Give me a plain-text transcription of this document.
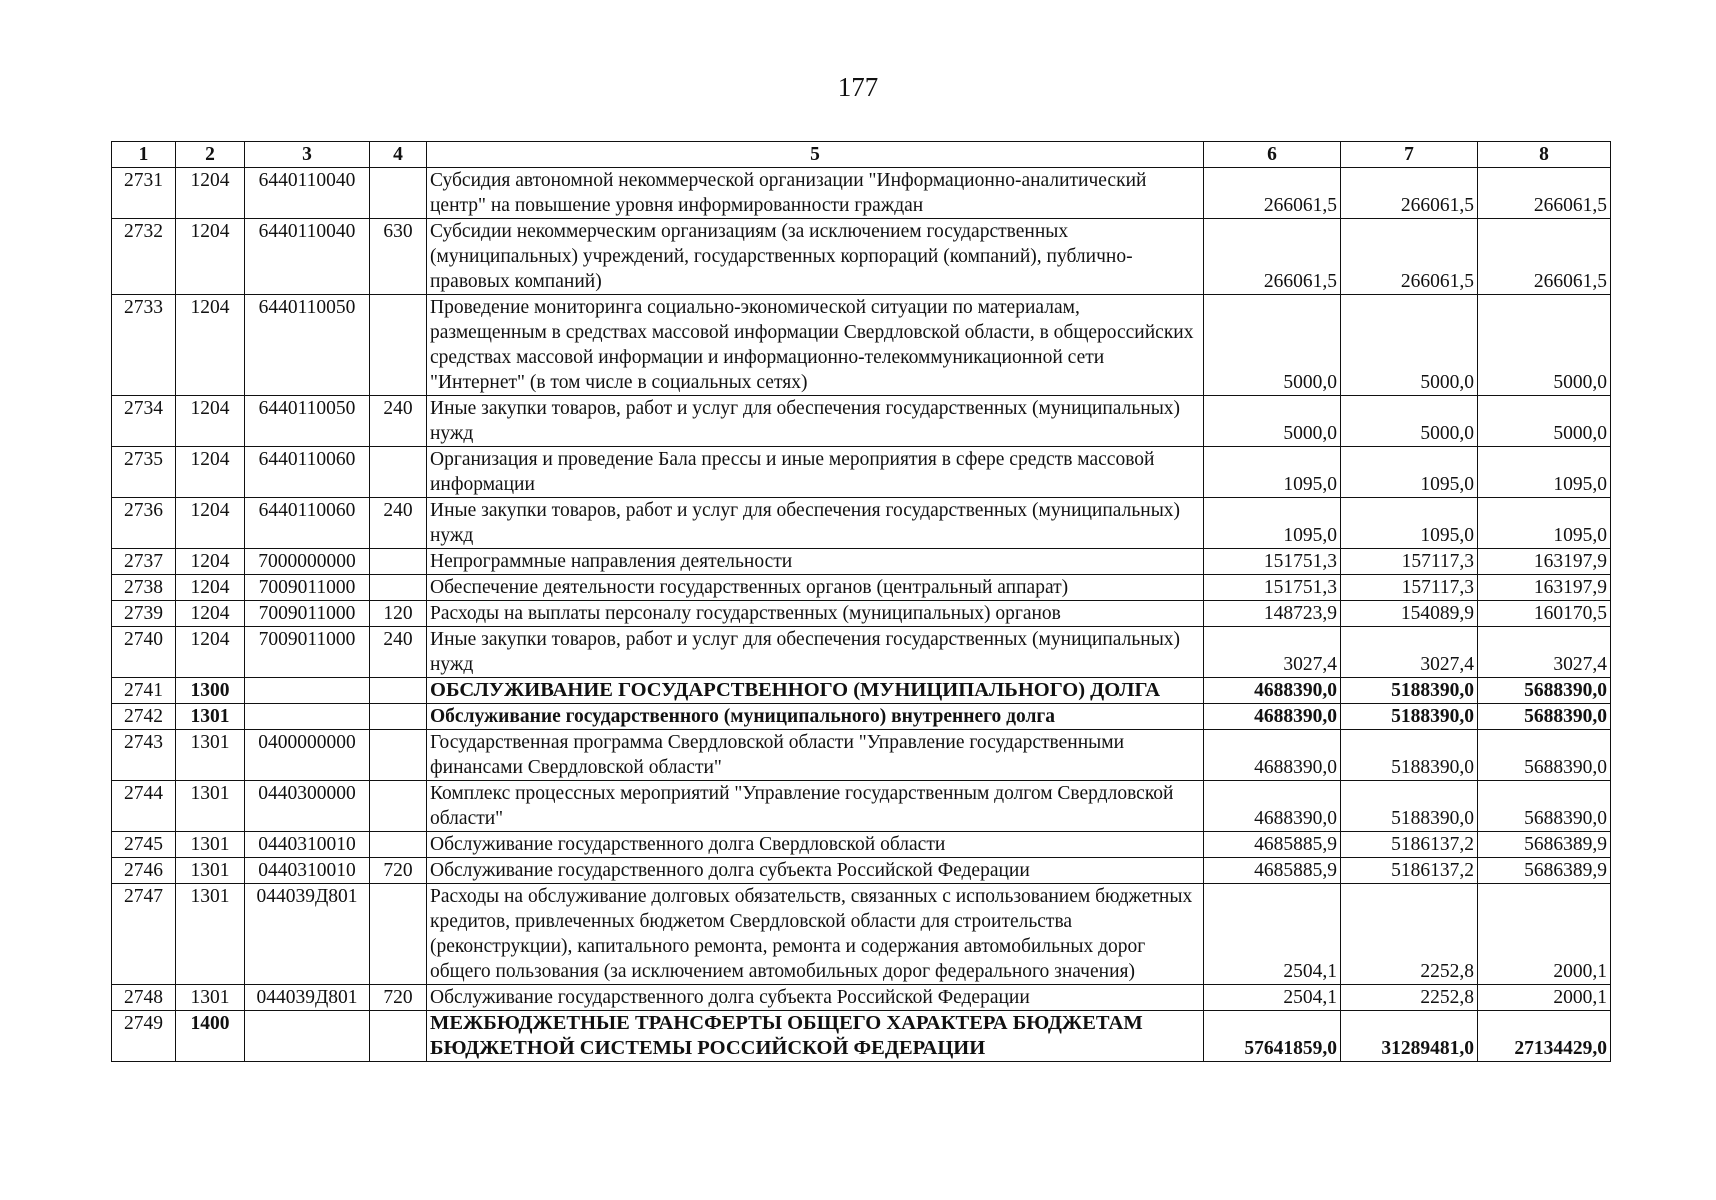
177
1	2	3	4	5	6	7	8
2731	1204	6440110040		Субсидия автономной некоммерческой организации "Информационно-аналитический центр" на повышение уровня информированности граждан	266061,5	266061,5	266061,5
2732	1204	6440110040	630	Субсидии некоммерческим организациям (за исключением государственных (муниципальных) учреждений, государственных корпораций (компаний), публично-правовых компаний)	266061,5	266061,5	266061,5
2733	1204	6440110050		Проведение мониторинга социально-экономической ситуации по материалам, размещенным в средствах массовой информации Свердловской области, в общероссийских средствах массовой информации и информационно-телекоммуникационной сети "Интернет" (в том числе в социальных сетях)	5000,0	5000,0	5000,0
2734	1204	6440110050	240	Иные закупки товаров, работ и услуг для обеспечения государственных (муниципальных) нужд	5000,0	5000,0	5000,0
2735	1204	6440110060		Организация и проведение Бала прессы и иные мероприятия в сфере средств массовой информации	1095,0	1095,0	1095,0
2736	1204	6440110060	240	Иные закупки товаров, работ и услуг для обеспечения государственных (муниципальных) нужд	1095,0	1095,0	1095,0
2737	1204	7000000000		Непрограммные направления деятельности	151751,3	157117,3	163197,9
2738	1204	7009011000		Обеспечение деятельности государственных органов (центральный аппарат)	151751,3	157117,3	163197,9
2739	1204	7009011000	120	Расходы на выплаты персоналу государственных (муниципальных) органов	148723,9	154089,9	160170,5
2740	1204	7009011000	240	Иные закупки товаров, работ и услуг для обеспечения государственных (муниципальных) нужд	3027,4	3027,4	3027,4
2741	1300			ОБСЛУЖИВАНИЕ ГОСУДАРСТВЕННОГО (МУНИЦИПАЛЬНОГО) ДОЛГА	4688390,0	5188390,0	5688390,0
2742	1301			Обслуживание государственного (муниципального) внутреннего долга	4688390,0	5188390,0	5688390,0
2743	1301	0400000000		Государственная программа Свердловской области "Управление государственными финансами Свердловской области"	4688390,0	5188390,0	5688390,0
2744	1301	0440300000		Комплекс процессных мероприятий "Управление государственным долгом Свердловской области"	4688390,0	5188390,0	5688390,0
2745	1301	0440310010		Обслуживание государственного долга Свердловской области	4685885,9	5186137,2	5686389,9
2746	1301	0440310010	720	Обслуживание государственного долга субъекта Российской Федерации	4685885,9	5186137,2	5686389,9
2747	1301	044039Д801		Расходы на обслуживание долговых обязательств, связанных с использованием бюджетных кредитов, привлеченных бюджетом Свердловской области для строительства (реконструкции), капитального ремонта, ремонта и содержания автомобильных дорог общего пользования (за исключением автомобильных дорог федерального значения)	2504,1	2252,8	2000,1
2748	1301	044039Д801	720	Обслуживание государственного долга субъекта Российской Федерации	2504,1	2252,8	2000,1
2749	1400			МЕЖБЮДЖЕТНЫЕ ТРАНСФЕРТЫ ОБЩЕГО ХАРАКТЕРА БЮДЖЕТАМ БЮДЖЕТНОЙ СИСТЕМЫ РОССИЙСКОЙ ФЕДЕРАЦИИ	57641859,0	31289481,0	27134429,0
